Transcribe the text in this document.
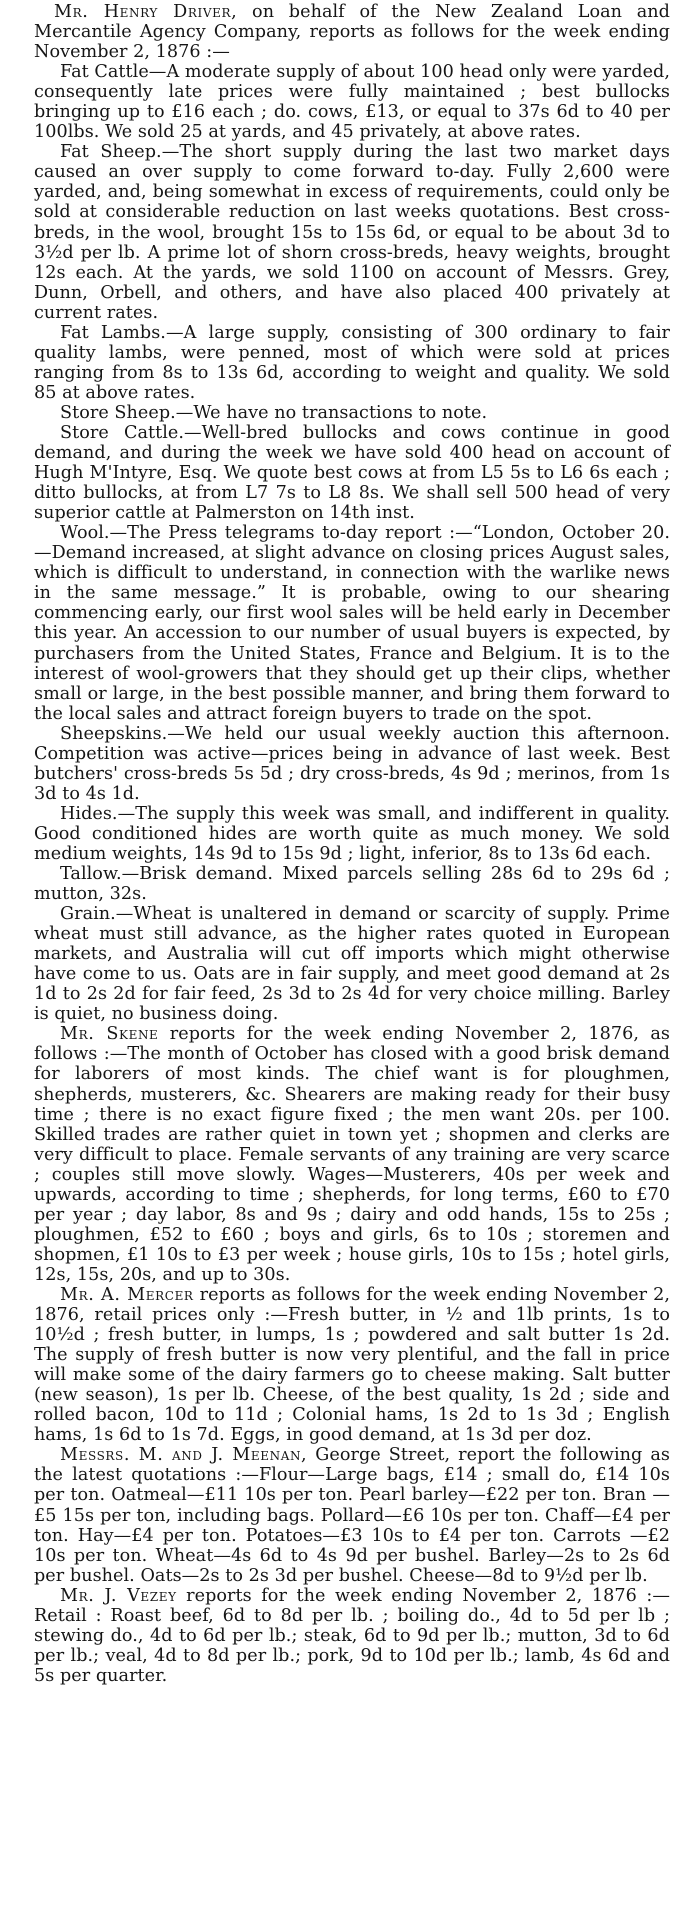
Mr. Henry Driver, on behalf of the New Zealand Loan and Mercantile Agency Company, reports as follows for the week ending November 2, 1876 :—

Fat Cattle—A moderate supply of about 100 head only were yarded, consequently late prices were fully maintained ; best bullocks bringing up to £16 each ; do. cows, £13, or equal to 37s 6d to 40 per 100lbs. We sold 25 at yards, and 45 privately, at above rates.

Fat Sheep.—The short supply during the last two market days caused an over supply to come forward to-day. Fully 2,600 were yarded, and, being somewhat in excess of requirements, could only be sold at considerable reduction on last weeks quotations. Best cross-breds, in the wool, brought 15s to 15s 6d, or equal to be about 3d to 3½d per lb. A prime lot of shorn cross-breds, heavy weights, brought 12s each. At the yards, we sold 1100 on account of Messrs. Grey, Dunn, Orbell, and others, and have also placed 400 privately at current rates.

Fat Lambs.—A large supply, consisting of 300 ordinary to fair quality lambs, were penned, most of which were sold at prices ranging from 8s to 13s 6d, according to weight and quality. We sold 85 at above rates.

Store Sheep.—We have no transactions to note.

Store Cattle.—Well-bred bullocks and cows continue in good demand, and during the week we have sold 400 head on account of Hugh M'Intyre, Esq. We quote best cows at from L5 5s to L6 6s each ; ditto bullocks, at from L7 7s to L8 8s. We shall sell 500 head of very superior cattle at Palmerston on 14th inst.

Wool.—The Press telegrams to-day report :—“London, October 20.—Demand increased, at slight advance on closing prices August sales, which is difficult to understand, in connection with the warlike news in the same message.” It is probable, owing to our shearing commencing early, our first wool sales will be held early in December this year. An accession to our number of usual buyers is expected, by purchasers from the United States, France and Belgium. It is to the interest of wool-growers that they should get up their clips, whether small or large, in the best possible manner, and bring them forward to the local sales and attract foreign buyers to trade on the spot.

Sheepskins.—We held our usual weekly auction this afternoon. Competition was active—prices being in advance of last week. Best butchers' cross-breds 5s 5d ; dry cross-breds, 4s 9d ; merinos, from 1s 3d to 4s 1d.

Hides.—The supply this week was small, and indifferent in quality. Good conditioned hides are worth quite as much money. We sold medium weights, 14s 9d to 15s 9d ; light, inferior, 8s to 13s 6d each.

Tallow.—Brisk demand. Mixed parcels selling 28s 6d to 29s 6d ; mutton, 32s.

Grain.—Wheat is unaltered in demand or scarcity of supply. Prime wheat must still advance, as the higher rates quoted in European markets, and Australia will cut off imports which might otherwise have come to us. Oats are in fair supply, and meet good demand at 2s 1d to 2s 2d for fair feed, 2s 3d to 2s 4d for very choice milling. Barley is quiet, no business doing.

Mr. Skene reports for the week ending November 2, 1876, as follows :—The month of October has closed with a good brisk demand for laborers of most kinds. The chief want is for ploughmen, shepherds, musterers, &c. Shearers are making ready for their busy time ; there is no exact figure fixed ; the men want 20s. per 100. Skilled trades are rather quiet in town yet ; shopmen and clerks are very difficult to place. Female servants of any training are very scarce ; couples still move slowly. Wages—Musterers, 40s per week and upwards, according to time ; shepherds, for long terms, £60 to £70 per year ; day labor, 8s and 9s ; dairy and odd hands, 15s to 25s ; ploughmen, £52 to £60 ; boys and girls, 6s to 10s ; storemen and shopmen, £1 10s to £3 per week ; house girls, 10s to 15s ; hotel girls, 12s, 15s, 20s, and up to 30s.

Mr. A. Mercer reports as follows for the week ending November 2, 1876, retail prices only :—Fresh butter, in ½ and 1lb prints, 1s to 10½d ; fresh butter, in lumps, 1s ; powdered and salt butter 1s 2d. The supply of fresh butter is now very plentiful, and the fall in price will make some of the dairy farmers go to cheese making. Salt butter (new season), 1s per lb. Cheese, of the best quality, 1s 2d ; side and rolled bacon, 10d to 11d ; Colonial hams, 1s 2d to 1s 3d ; English hams, 1s 6d to 1s 7d. Eggs, in good demand, at 1s 3d per doz.

Messrs. M. and J. Meenan, George Street, report the following as the latest quotations :—Flour—Large bags, £14 ; small do, £14 10s per ton. Oatmeal—£11 10s per ton. Pearl barley—£22 per ton. Bran —£5 15s per ton, including bags. Pollard—£6 10s per ton. Chaff—£4 per ton. Hay—£4 per ton. Potatoes—£3 10s to £4 per ton. Carrots —£2 10s per ton. Wheat—4s 6d to 4s 9d per bushel. Barley—2s to 2s 6d per bushel. Oats—2s to 2s 3d per bushel. Cheese—8d to 9½d per lb.

Mr. J. Vezey reports for the week ending November 2, 1876 :— Retail : Roast beef, 6d to 8d per lb. ; boiling do., 4d to 5d per lb ; stewing do., 4d to 6d per lb.; steak, 6d to 9d per lb.; mutton, 3d to 6d per lb.; veal, 4d to 8d per lb.; pork, 9d to 10d per lb.; lamb, 4s 6d and 5s per quarter.
